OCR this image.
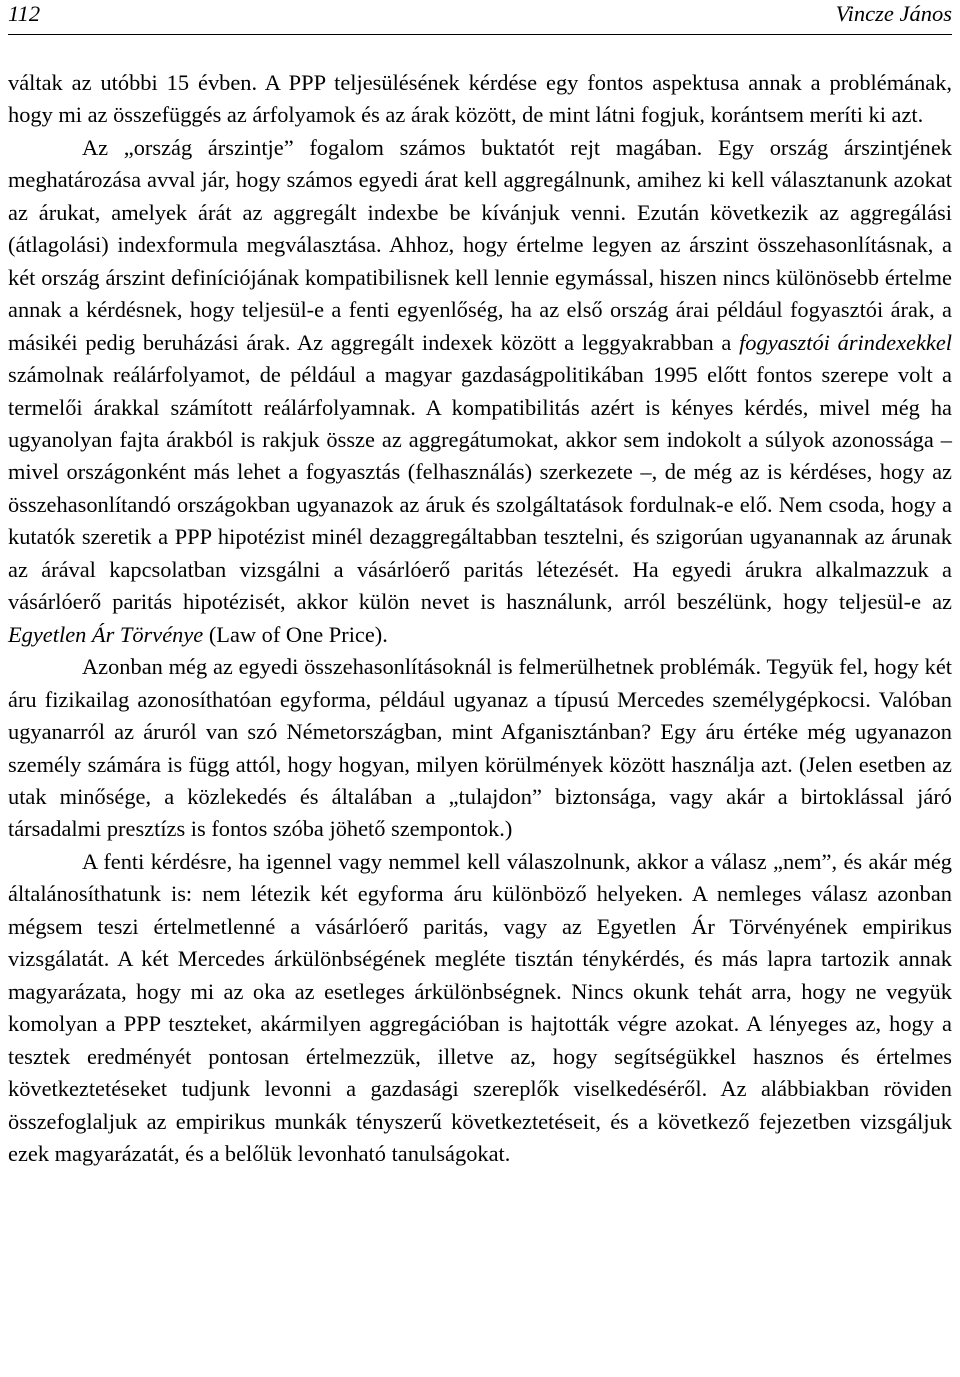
112	Vincze János

váltak az utóbbi 15 évben. A PPP teljesülésének kérdése egy fontos aspektusa annak a problémának, hogy mi az összefüggés az árfolyamok és az árak között, de mint látni fogjuk, korántsem meríti ki azt.

Az „ország árszintje” fogalom számos buktatót rejt magában. Egy ország árszintjének meghatározása avval jár, hogy számos egyedi árat kell aggregálnunk, amihez ki kell választanunk azokat az árukat, amelyek árát az aggregált indexbe be kívánjuk venni. Ezután következik az aggregálási (átlagolási) indexformula megválasztása. Ahhoz, hogy értelme legyen az árszint összehasonlításnak, a két ország árszint definíciójának kompatibilisnek kell lennie egymással, hiszen nincs különösebb értelme annak a kérdésnek, hogy teljesül-e a fenti egyenlőség, ha az első ország árai például fogyasztói árak, a másikéi pedig beruházási árak. Az aggregált indexek között a leggyakrabban a fogyasztói árindexekkel számolnak reálárfolyamot, de például a magyar gazdaságpolitikában 1995 előtt fontos szerepe volt a termelői árakkal számított reálárfolyamnak. A kompatibilitás azért is kényes kérdés, mivel még ha ugyanolyan fajta árakból is rakjuk össze az aggregátumokat, akkor sem indokolt a súlyok azonossága – mivel országonként más lehet a fogyasztás (felhasználás) szerkezete –, de még az is kérdéses, hogy az összehasonlítandó országokban ugyanazok az áruk és szolgáltatások fordulnak-e elő. Nem csoda, hogy a kutatók szeretik a PPP hipotézist minél dezaggregáltabban tesztelni, és szigorúan ugyanannak az árunak az árával kapcsolatban vizsgálni a vásárlóerő paritás létezését. Ha egyedi árukra alkalmazzuk a vásárlóerő paritás hipotézisét, akkor külön nevet is használunk, arról beszélünk, hogy teljesül-e az Egyetlen Ár Törvénye (Law of One Price).

Azonban még az egyedi összehasonlításoknál is felmerülhetnek problémák. Tegyük fel, hogy két áru fizikailag azonosíthatóan egyforma, például ugyanaz a típusú Mercedes személygépkocsi. Valóban ugyanarról az áruról van szó Németországban, mint Afganisztánban? Egy áru értéke még ugyanazon személy számára is függ attól, hogy hogyan, milyen körülmények között használja azt. (Jelen esetben az utak minősége, a közlekedés és általában a „tulajdon” biztonsága, vagy akár a birtoklással járó társadalmi presztízs is fontos szóba jöhető szempontok.)

A fenti kérdésre, ha igennel vagy nemmel kell válaszolnunk, akkor a válasz „nem”, és akár még általánosíthatunk is: nem létezik két egyforma áru különböző helyeken. A nemleges válasz azonban mégsem teszi értelmetlenné a vásárlóerő paritás, vagy az Egyetlen Ár Törvényének empirikus vizsgálatát. A két Mercedes árkülönbségének megléte tisztán ténykérdés, és más lapra tartozik annak magyarázata, hogy mi az oka az esetleges árkülönbségnek. Nincs okunk tehát arra, hogy ne vegyük komolyan a PPP teszteket, akármilyen aggregációban is hajtották végre azokat. A lényeges az, hogy a tesztek eredményét pontosan értelmezzük, illetve az, hogy segítségükkel hasznos és értelmes következtetéseket tudjunk levonni a gazdasági szereplők viselkedéséről. Az alábbiakban röviden összefoglaljuk az empirikus munkák tényszerű következtetéseit, és a következő fejezetben vizsgáljuk ezek magyarázatát, és a belőlük levonható tanulságokat.
